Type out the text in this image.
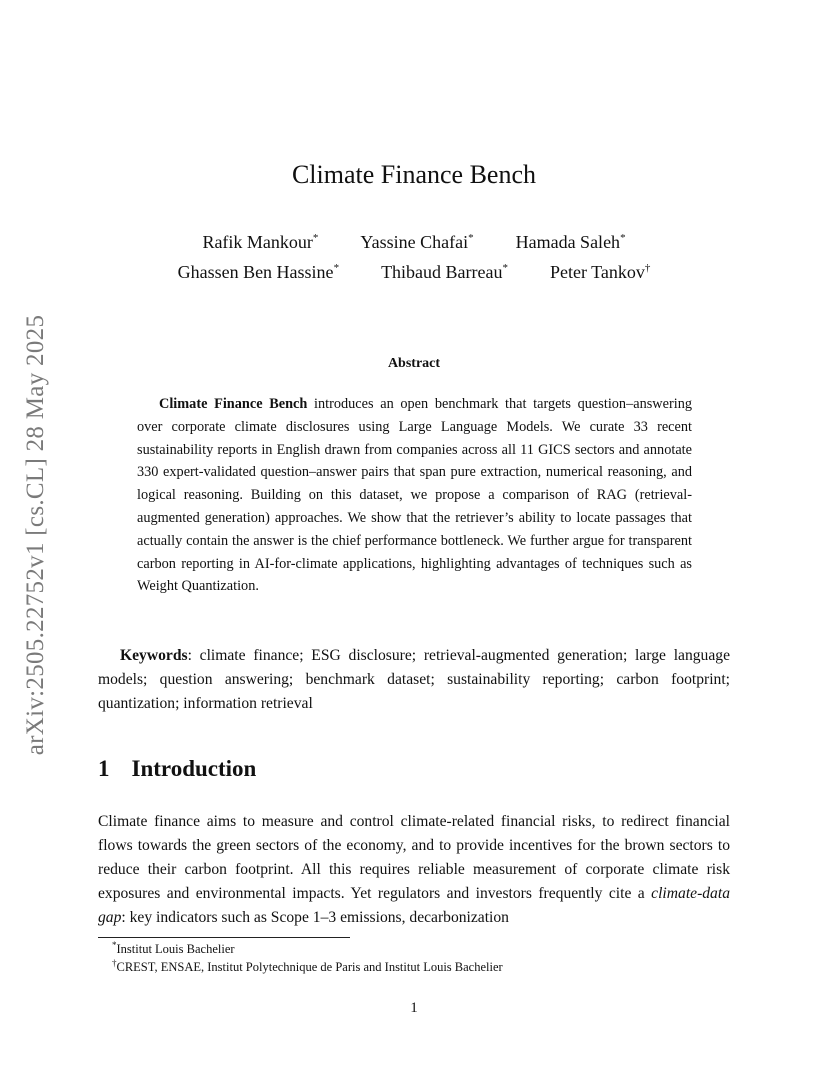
arXiv:2505.22752v1 [cs.CL] 28 May 2025
Climate Finance Bench
Rafik Mankour* Yassine Chafai* Hamada Saleh*
Ghassen Ben Hassine* Thibaud Barreau* Peter Tankov†
Abstract

Climate Finance Bench introduces an open benchmark that targets question–answering over corporate climate disclosures using Large Language Models. We curate 33 recent sustainability reports in English drawn from companies across all 11 GICS sectors and annotate 330 expert-validated question–answer pairs that span pure extraction, numerical reasoning, and logical reasoning. Building on this dataset, we propose a comparison of RAG (retrieval-augmented generation) approaches. We show that the retriever’s ability to locate passages that actually contain the answer is the chief performance bottleneck. We further argue for transparent carbon reporting in AI-for-climate applications, highlighting advantages of techniques such as Weight Quantization.

Keywords: climate finance; ESG disclosure; retrieval-augmented generation; large language models; question answering; benchmark dataset; sustainability reporting; carbon footprint; quantization; information retrieval

1 Introduction

Climate finance aims to measure and control climate-related financial risks, to redirect financial flows towards the green sectors of the economy, and to provide incentives for the brown sectors to reduce their carbon footprint. All this requires reliable measurement of corporate climate risk exposures and environmental impacts. Yet regulators and investors frequently cite a climate-data gap: key indicators such as Scope 1–3 emissions, decarbonization

*Institut Louis Bachelier
†CREST, ENSAE, Institut Polytechnique de Paris and Institut Louis Bachelier
1
